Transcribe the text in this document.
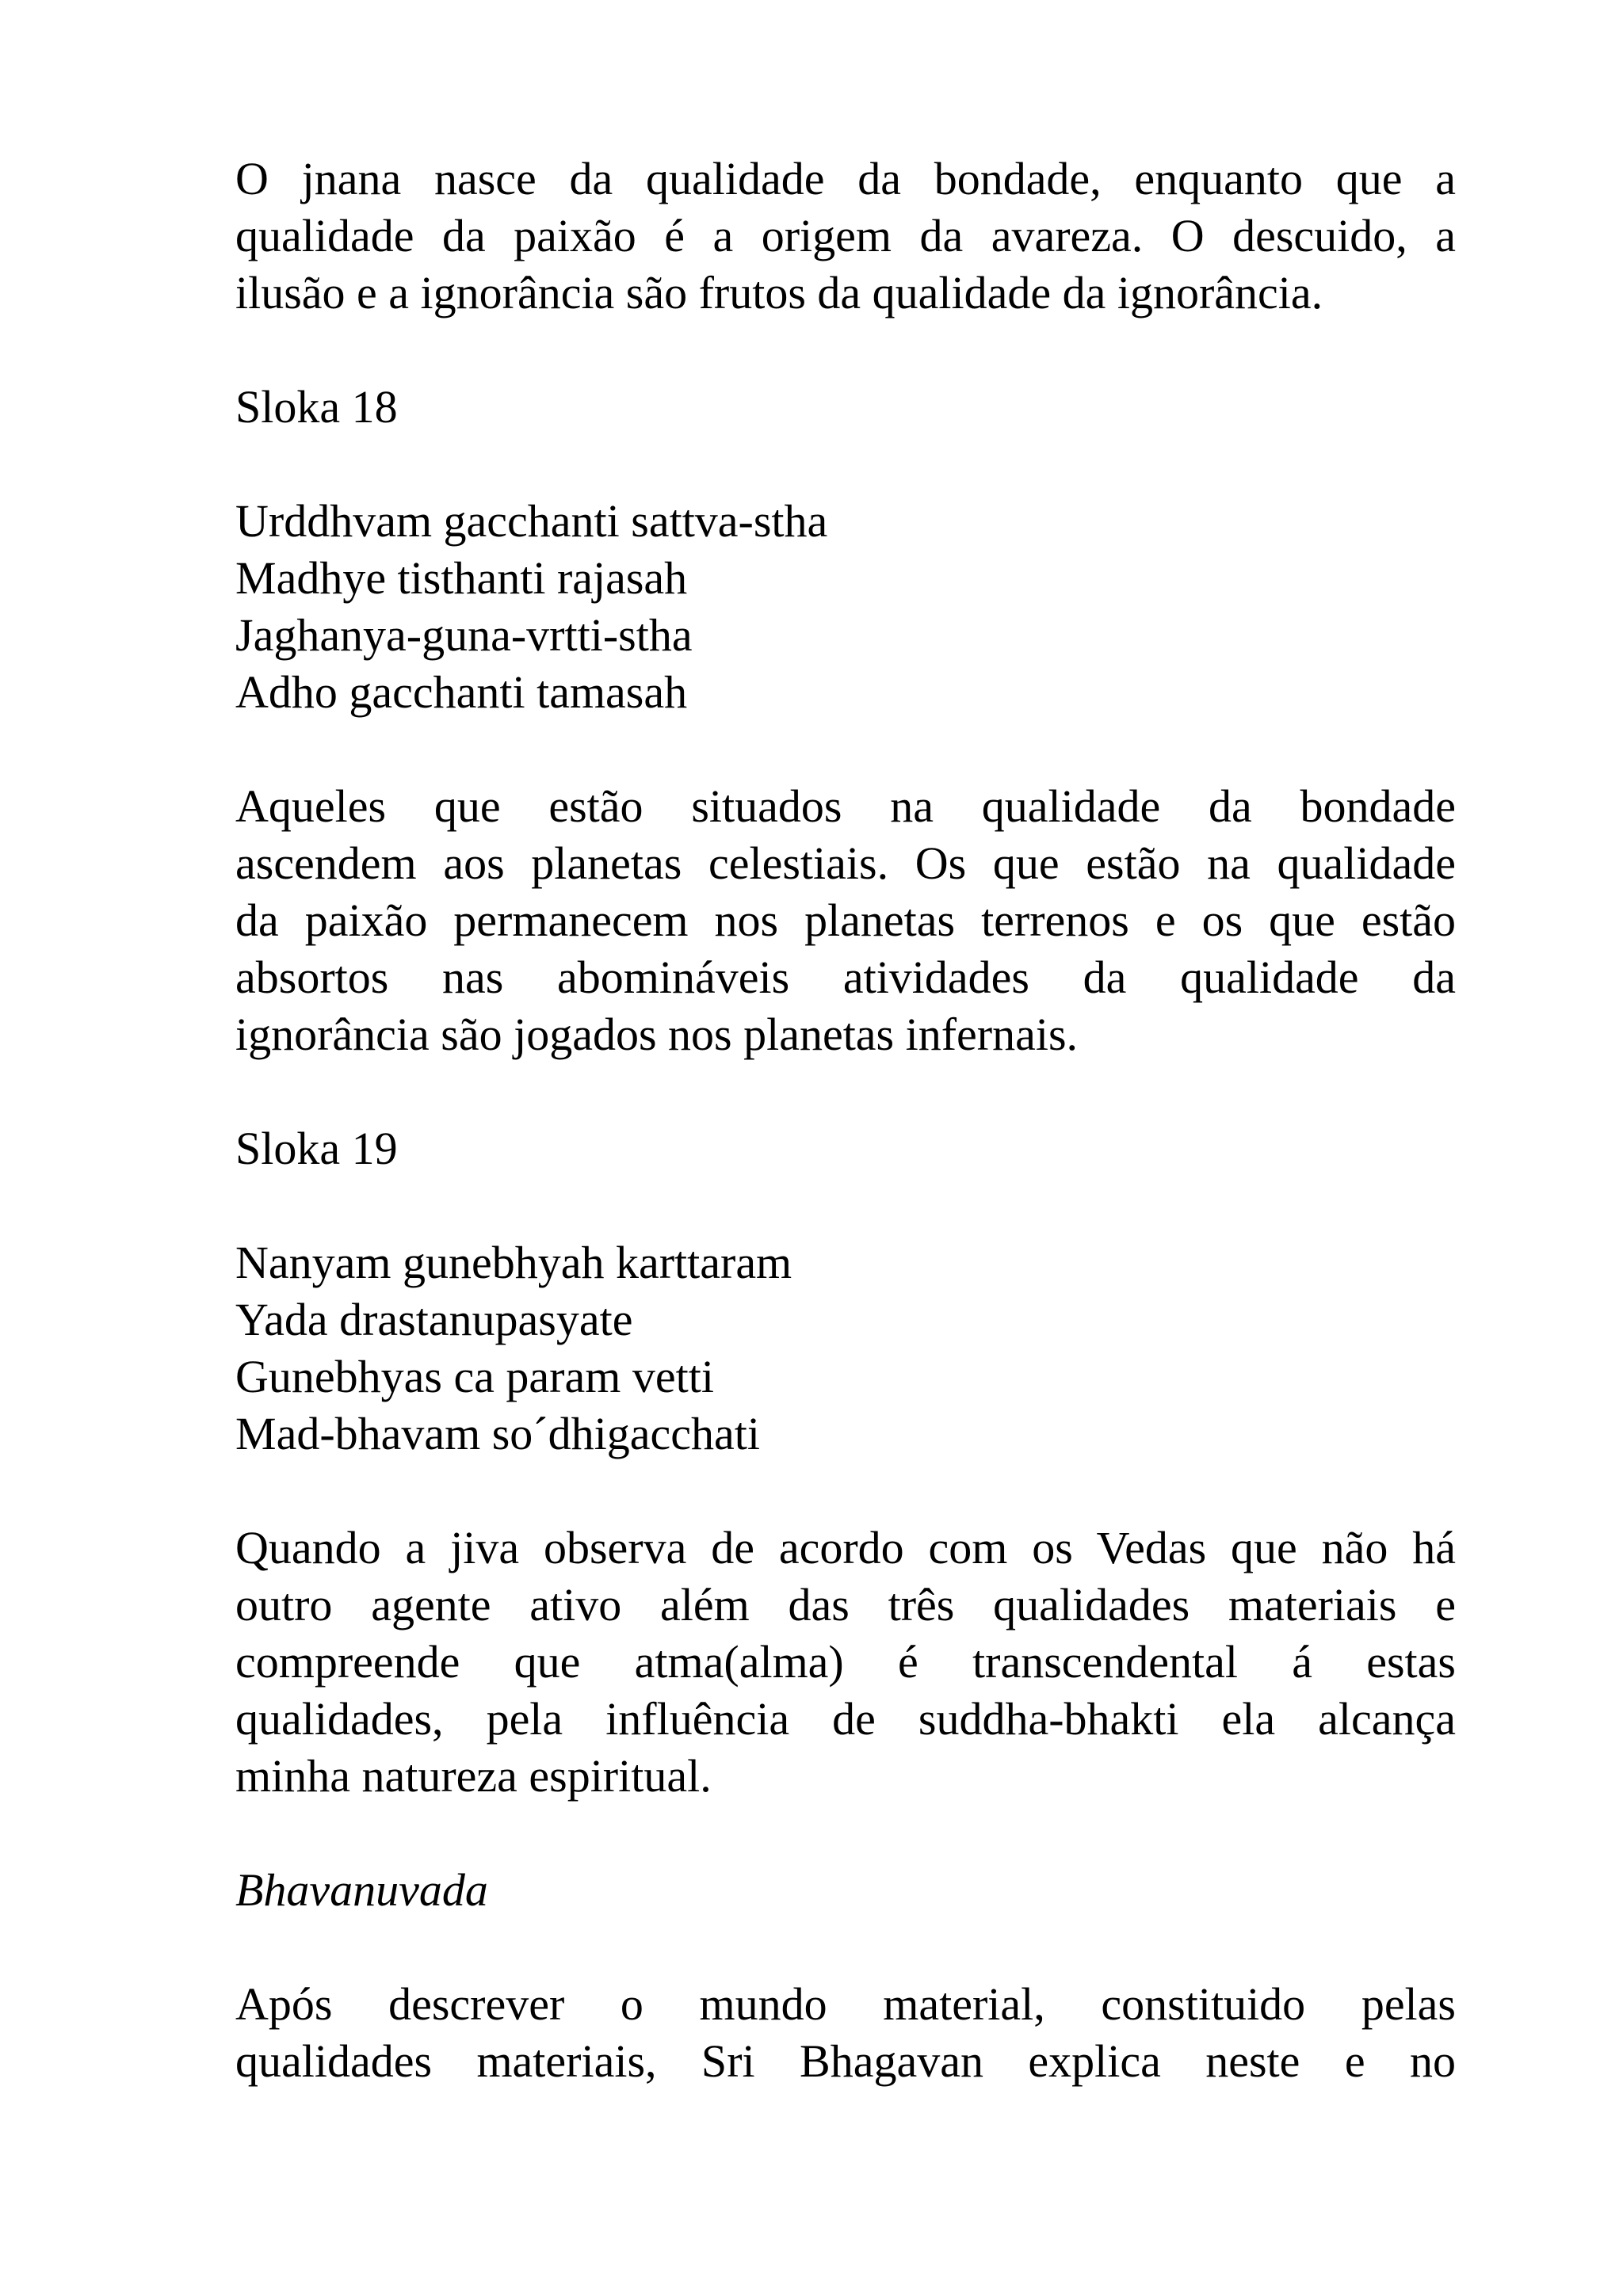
O jnana nasce da qualidade da bondade, enquanto que a
qualidade da paixão é a origem da avareza. O descuido, a
ilusão e a ignorância são frutos da qualidade da ignorância.

Sloka 18

Urddhvam gacchanti sattva-stha
Madhye tisthanti rajasah
Jaghanya-guna-vrtti-stha
Adho gacchanti tamasah

Aqueles que estão situados na qualidade da bondade
ascendem aos planetas celestiais. Os que estão na qualidade
da paixão permanecem nos planetas terrenos e os que estão
absortos nas abomináveis atividades da qualidade da
ignorância são jogados nos planetas infernais.

Sloka 19

Nanyam gunebhyah karttaram
Yada drastanupasyate
Gunebhyas ca param vetti
Mad-bhavam so´dhigacchati

Quando a jiva observa de acordo com os Vedas que não há
outro agente ativo além das três qualidades materiais e
compreende que atma(alma) é transcendental á estas
qualidades, pela influência de suddha-bhakti ela alcança
minha natureza espiritual.

Bhavanuvada

Após descrever o mundo material, constituido pelas
qualidades materiais, Sri Bhagavan explica neste e no
